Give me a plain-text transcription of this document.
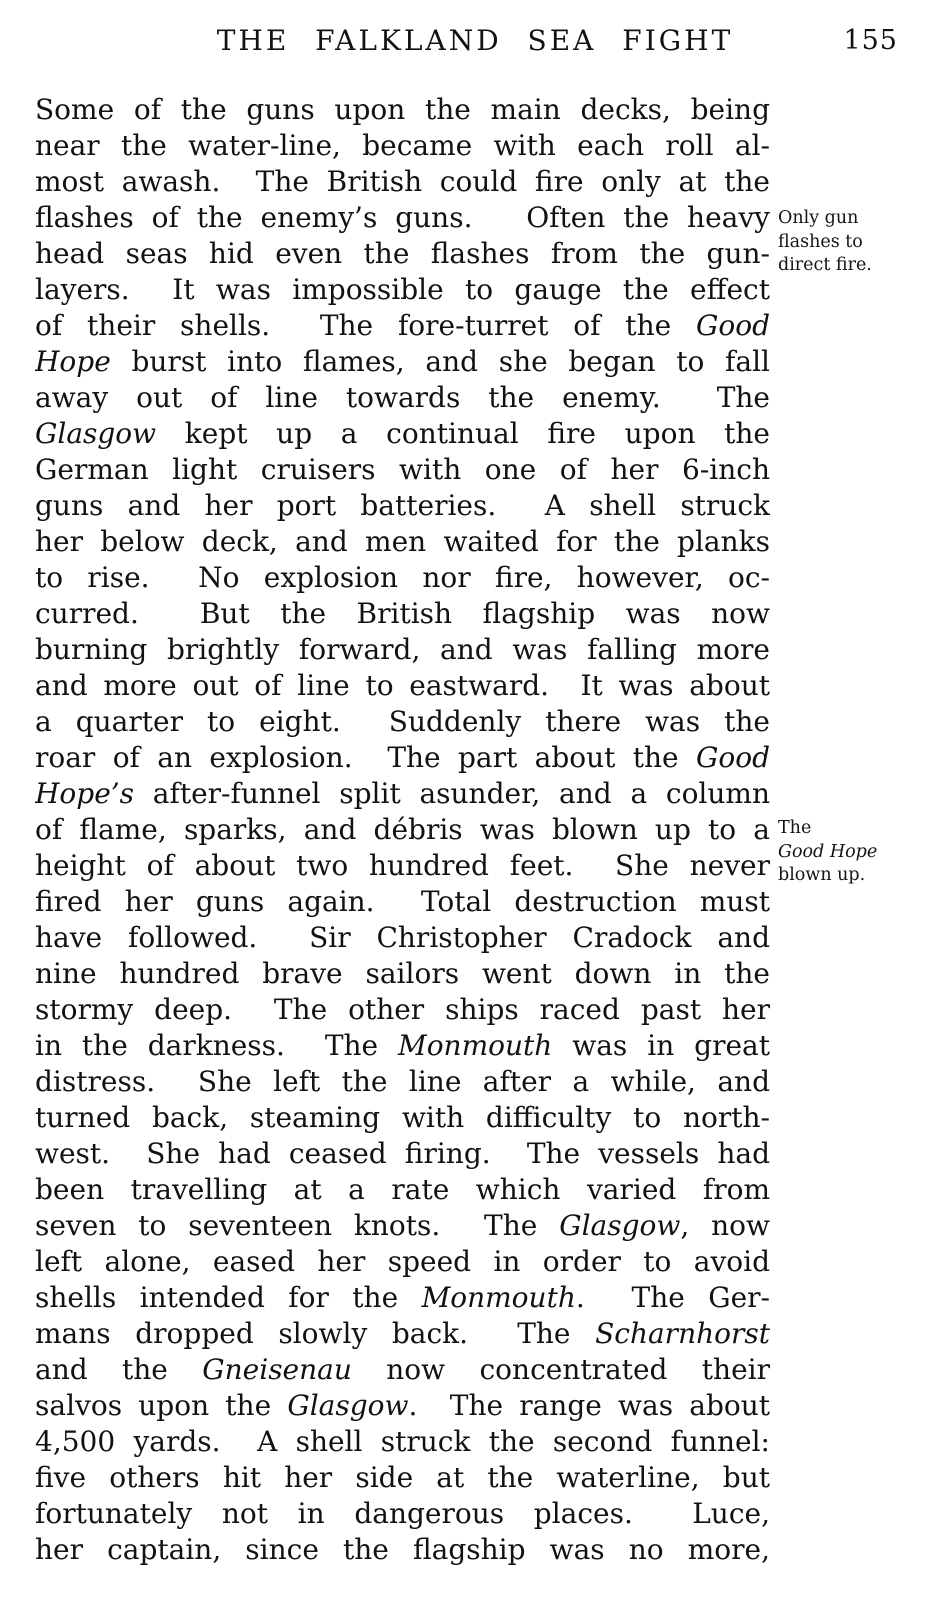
THE FALKLAND SEA FIGHT	155
Some of the guns upon the main decks, being
near the water-line, became with each roll al-
most awash.  The British could fire only at the
flashes of the enemy’s guns.   Often the heavy
head seas hid even the flashes from the gun-
layers.  It was impossible to gauge the effect
of their shells.  The fore-turret of the Good
Hope burst into flames, and she began to fall
away out of line towards the enemy.  The
Glasgow kept up a continual fire upon the
German light cruisers with one of her 6-inch
guns and her port batteries.  A shell struck
her below deck, and men waited for the planks
to rise.  No explosion nor fire, however, oc-
curred.  But the British flagship was now
burning brightly forward, and was falling more
and more out of line to eastward.  It was about
a quarter to eight.  Suddenly there was the
roar of an explosion.  The part about the Good
Hope’s after-funnel split asunder, and a column
of flame, sparks, and débris was blown up to a
height of about two hundred feet.  She never
fired her guns again.  Total destruction must
have followed.  Sir Christopher Cradock and
nine hundred brave sailors went down in the
stormy deep.  The other ships raced past her
in the darkness.  The Monmouth was in great
distress.  She left the line after a while, and
turned back, steaming with difficulty to north-
west.  She had ceased firing.  The vessels had
been travelling at a rate which varied from
seven to seventeen knots.  The Glasgow, now
left alone, eased her speed in order to avoid
shells intended for the Monmouth.  The Ger-
mans dropped slowly back.  The Scharnhorst
and the Gneisenau now concentrated their
salvos upon the Glasgow.  The range was about
4,500 yards.  A shell struck the second funnel:
five others hit her side at the waterline, but
fortunately not in dangerous places.  Luce,
her captain, since the flagship was no more,
Only gun
flashes to
direct fire.
The
Good Hope
blown up.
